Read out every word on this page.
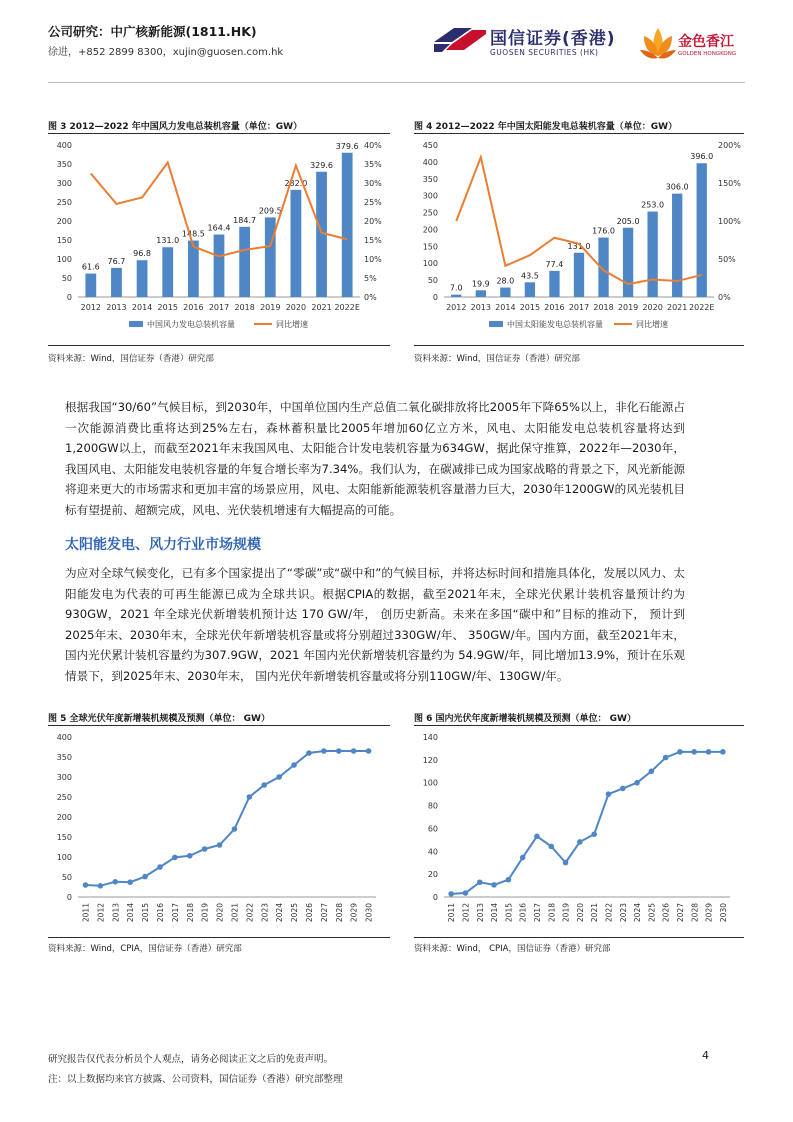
公司研究：中广核新能源(1811.HK)
徐进，+852 2899 8300，xujin@guosen.com.hk
国信证券(香港)
GUOSEN SECURITIES (HK)
金色香江
GOLDEN HONGKONG
图 3 2012—2022 年中国风力发电总装机容量（单位：GW）
0
50
100
150
200
250
300
350
400
0%
5%
10%
15%
20%
25%
30%
35%
40%
61.6
2012
76.7
2013
96.8
2014
131.0
2015
148.5
2016
164.4
2017
184.7
2018
209.5
2019
282.0
2020
329.6
2021
379.6
2022E
中国风力发电总装机容量	同比增速
资料来源：Wind，国信证券（香港）研究部
图 4 2012—2022 年中国太阳能发电总装机容量（单位：GW）
0
50
100
150
200
250
300
350
400
450
0%
50%
100%
150%
200%
7.0
2012
19.9
2013
28.0
2014
43.5
2015
77.4
2016
131.0
2017
176.0
2018
205.0
2019
253.0
2020
306.0
2021
396.0
2022E
中国太阳能发电总装机容量	同比增速
资料来源：Wind，国信证券（香港）研究部
根据我国“30/60”气候目标，到2030年，中国单位国内生产总值二氧化碳排放将比2005年下降65%以上，非化石能源占一次能源消费比重将达到25%左右，森林蓄积量比2005年增加60亿立方米，风电、太阳能发电总装机容量将达到1,200GW以上，而截至2021年末我国风电、太阳能合计发电装机容量为634GW，据此保守推算，2022年—2030年，我国风电、太阳能发电装机容量的年复合增长率为7.34%。我们认为，在碳减排已成为国家战略的背景之下，风光新能源将迎来更大的市场需求和更加丰富的场景应用，风电、太阳能新能源装机容量潜力巨大，2030年1200GW的风光装机目标有望提前、超额完成，风电、光伏装机增速有大幅提高的可能。
太阳能发电、风力行业市场规模
为应对全球气候变化，已有多个国家提出了“零碳”或“碳中和”的气候目标，并将达标时间和措施具体化，发展以风力、太阳能发电为代表的可再生能源已成为全球共识。根据CPIA的数据，截至2021年末，全球光伏累计装机容量预计约为930GW，2021 年全球光伏新增装机预计达 170 GW/年， 创历史新高。未来在多国“碳中和”目标的推动下， 预计到2025年末、2030年末，全球光伏年新增装机容量或将分别超过330GW/年、 350GW/年。国内方面，截至2021年末，国内光伏累计装机容量约为307.9GW，2021 年国内光伏新增装机容量约为 54.9GW/年，同比增加13.9%，预计在乐观情景下，到2025年末、2030年末， 国内光伏年新增装机容量或将分别110GW/年、130GW/年。
图 5 全球光伏年度新增装机规模及预测（单位： GW）
0
50
100
150
200
250
300
350
400
2011 2012 2013 2014 2015 2016 2017 2018 2019 2020 2021 2022 2023 2024 2025 2026 2027 2028 2029 2030
资料来源：Wind，CPIA，国信证券（香港）研究部
图 6 国内光伏年度新增装机规模及预测（单位： GW）
0
20
40
60
80
100
120
140
2011 2012 2013 2014 2015 2016 2017 2018 2019 2020 2021 2022 2023 2024 2025 2026 2027 2028 2029 2030
资料来源：Wind， CPIA，国信证券（香港）研究部
研究报告仅代表分析员个人观点，请务必阅读正文之后的免责声明。
注：以上数据均来官方披露、公司资料，国信证券（香港）研究部整理
4
